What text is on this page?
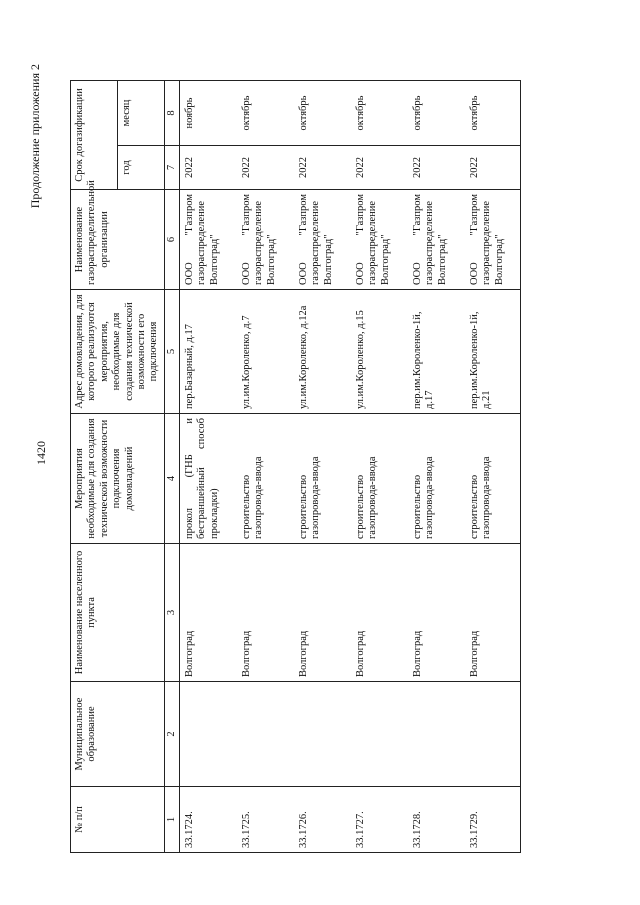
1420
Продолжение приложения 2
№ п/п	Муниципальное образование	Наименование населенного пункта	Мероприятия необходимые для создания технической возможности подключения домовладений	Адрес домовладения, для которого реализуются мероприятия, необходимые для создания технической возможности его подключения	Наименование газораспределительной организации	Срок догазификации	
						год	месяц
1	2	3	4	5	6	7	8
33.1724.		Волгоград	прокол (ГНБ и бестраншейный способ прокладки)	пер.Базарный, д.17	ООО "Газпром газораспределение Волгоград"	2022	ноябрь
33.1725.		Волгоград	строительство газопровода-ввода	ул.им.Короленко, д.7	ООО "Газпром газораспределение Волгоград"	2022	октябрь
33.1726.		Волгоград	строительство газопровода-ввода	ул.им.Короленко, д.12а	ООО "Газпром газораспределение Волгоград"	2022	октябрь
33.1727.		Волгоград	строительство газопровода-ввода	ул.им.Короленко, д.15	ООО "Газпром газораспределение Волгоград"	2022	октябрь
33.1728.		Волгоград	строительство газопровода-ввода	пер.им.Короленко-1й, д.17	ООО "Газпром газораспределение Волгоград"	2022	октябрь
33.1729.		Волгоград	строительство газопровода-ввода	пер.им.Короленко-1й, д.21	ООО "Газпром газораспределение Волгоград"	2022	октябрь
